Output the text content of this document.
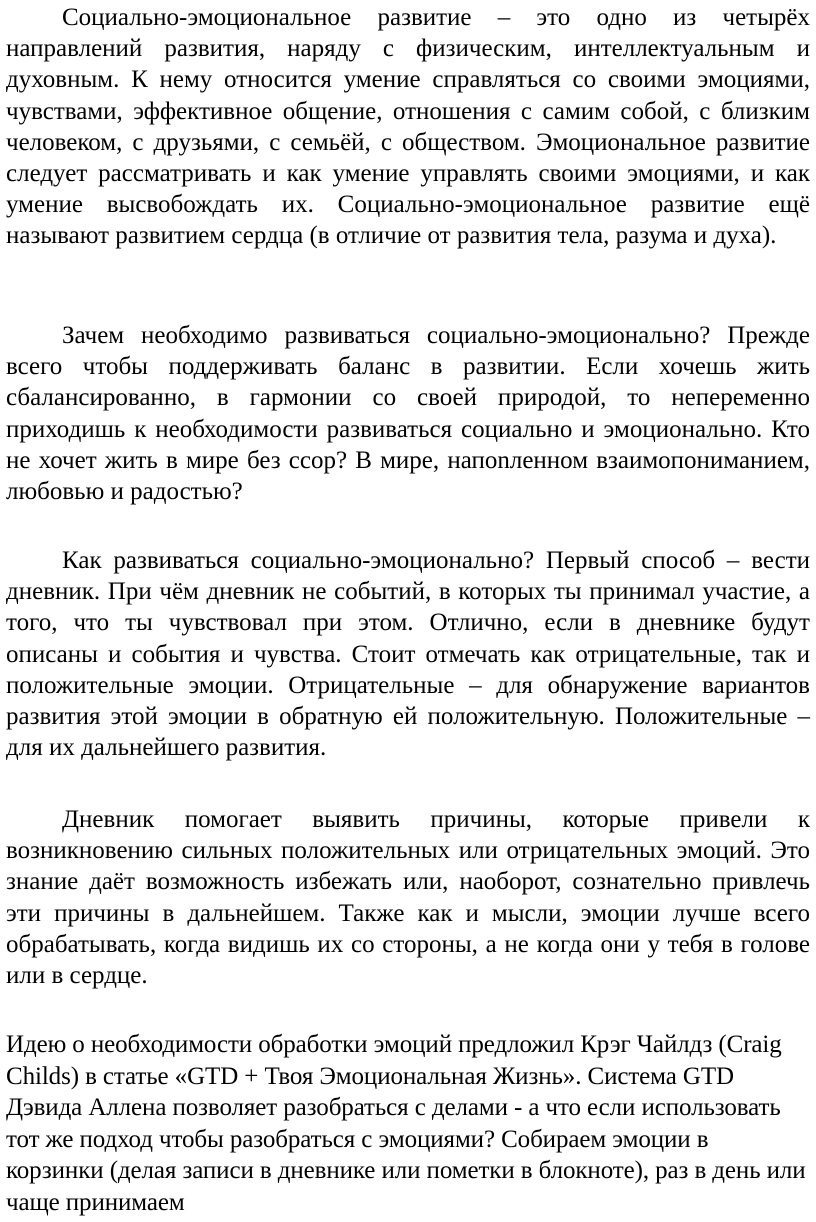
Социально-эмоциональное развитие – это одно из четырёх направлений развития, наряду с физическим, интеллектуальным и духовным. К нему относится умение справляться со своими эмоциями, чувствами, эффективное общение, отношения с самим собой, с близким человеком, с друзьями, с семьёй, с обществом. Эмоциональное развитие следует рассматривать и как умение управлять своими эмоциями, и как умение высвобождать их. Социально-эмоциональное развитие ещё называют развитием сердца (в отличие от развития тела, разума и духа).

Зачем необходимо развиваться социально-эмоционально? Прежде всего чтобы поддерживать баланс в развитии. Если хочешь жить сбалансированно, в гармонии со своей природой, то непеременно приходишь к необходимости развиваться социально и эмоционально. Кто не хочет жить в мире без ссор? В мире, напоnленном взаимопониманием, любовью и радостью?

Как развиваться социально-эмоционально? Первый способ – вести дневник. При чём дневник не событий, в которых ты принимал участие, а того, что ты чувствовал при этом. Отлично, если в дневнике будут описаны и события и чувства. Стоит отмечать как отрицательные, так и положительные эмоции. Отрицательные – для обнаружение вариантов развития этой эмоции в обратную ей положительную. Положительные – для их дальнейшего развития.

Дневник помогает выявить причины, которые привели к возникновению сильных положительных или отрицательных эмоций. Это знание даёт возможность избежать или, наоборот, сознательно привлечь эти причины в дальнейшем. Также как и мысли, эмоции лучше всего обрабатывать, когда видишь их со стороны, а не когда они у тебя в голове или в сердце.

Идею о необходимости обработки эмоций предложил Крэг Чайлдз (Craig Childs) в статье «GTD + Твоя Эмоциональная Жизнь». Система GTD Дэвида Аллена позволяет разобраться с делами - а что если использовать тот же подход чтобы разобраться с эмоциями? Собираем эмоции в корзинки (делая записи в дневнике или пометки в блокноте), раз в день или чаще принимаем
